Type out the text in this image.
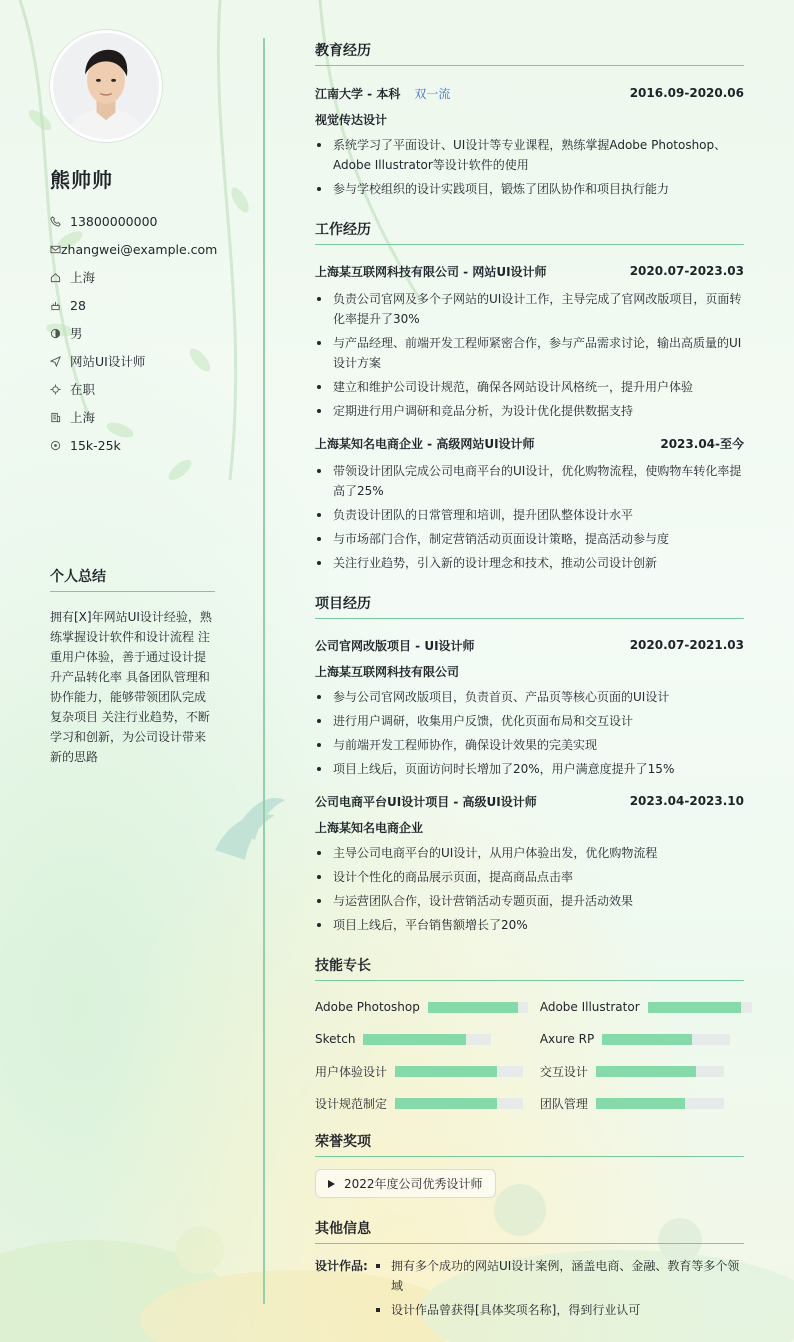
熊帅帅
13800000000
zhangwei@example.com
上海
28
男
网站UI设计师
在职
上海
15k-25k
个人总结
拥有[X]年网站UI设计经验，熟练掌握设计软件和设计流程 注重用户体验，善于通过设计提升产品转化率 具备团队管理和协作能力，能够带领团队完成复杂项目 关注行业趋势，不断学习和创新，为公司设计带来新的思路
教育经历
江南大学 - 本科 双一流	2016.09-2020.06
视觉传达设计
系统学习了平面设计、UI设计等专业课程，熟练掌握Adobe Photoshop、Adobe Illustrator等设计软件的使用
参与学校组织的设计实践项目，锻炼了团队协作和项目执行能力
工作经历
上海某互联网科技有限公司 - 网站UI设计师	2020.07-2023.03
负责公司官网及多个子网站的UI设计工作，主导完成了官网改版项目，页面转化率提升了30%
与产品经理、前端开发工程师紧密合作，参与产品需求讨论，输出高质量的UI设计方案
建立和维护公司设计规范，确保各网站设计风格统一，提升用户体验
定期进行用户调研和竞品分析，为设计优化提供数据支持
上海某知名电商企业 - 高级网站UI设计师	2023.04-至今
带领设计团队完成公司电商平台的UI设计，优化购物流程，使购物车转化率提高了25%
负责设计团队的日常管理和培训，提升团队整体设计水平
与市场部门合作，制定营销活动页面设计策略，提高活动参与度
关注行业趋势，引入新的设计理念和技术，推动公司设计创新
项目经历
公司官网改版项目 - UI设计师	2020.07-2021.03
上海某互联网科技有限公司
参与公司官网改版项目，负责首页、产品页等核心页面的UI设计
进行用户调研，收集用户反馈，优化页面布局和交互设计
与前端开发工程师协作，确保设计效果的完美实现
项目上线后，页面访问时长增加了20%，用户满意度提升了15%
公司电商平台UI设计项目 - 高级UI设计师	2023.04-2023.10
上海某知名电商企业
主导公司电商平台的UI设计，从用户体验出发，优化购物流程
设计个性化的商品展示页面，提高商品点击率
与运营团队合作，设计营销活动专题页面，提升活动效果
项目上线后，平台销售额增长了20%
技能专长
Adobe Photoshop	Adobe Illustrator
Sketch	Axure RP
用户体验设计	交互设计
设计规范制定	团队管理
荣誉奖项
2022年度公司优秀设计师
其他信息
设计作品:	拥有多个成功的网站UI设计案例，涵盖电商、金融、教育等多个领域
设计作品曾获得[具体奖项名称]，得到行业认可
